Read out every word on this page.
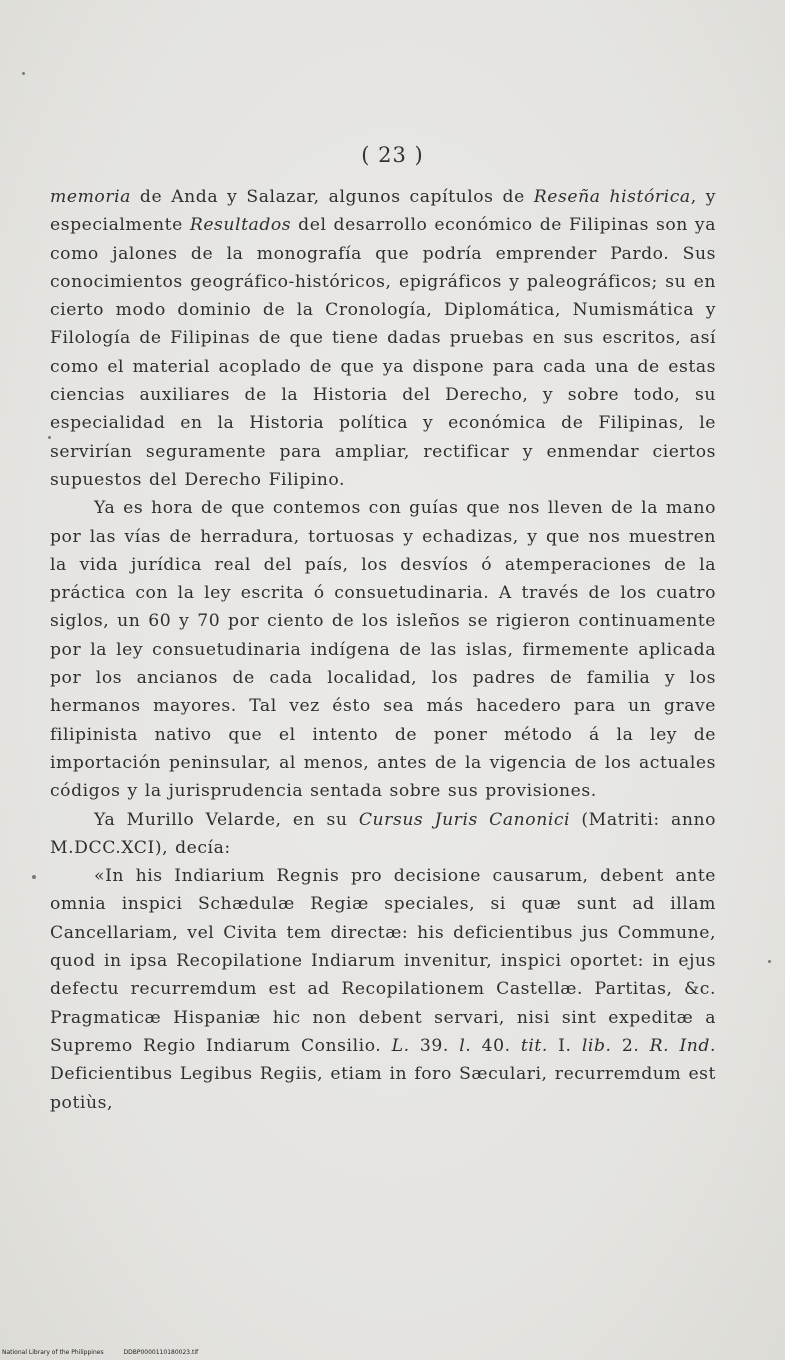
( 23 )

memoria de Anda y Salazar, algunos capítulos de Reseña histórica, y especialmente Resultados del desarrollo económico de Filipinas son ya como jalones de la monografía que podría emprender Pardo. Sus conocimientos geográfico-históricos, epigráficos y paleográficos; su en cierto modo dominio de la Cronología, Diplomática, Numismática y Filología de Filipinas de que tiene dadas pruebas en sus escritos, así como el material acoplado de que ya dispone para cada una de estas ciencias auxiliares de la Historia del Derecho, y sobre todo, su especialidad en la Historia política y económica de Filipinas, le servirían seguramente para ampliar, rectificar y enmendar ciertos supuestos del Derecho Filipino.

Ya es hora de que contemos con guías que nos lleven de la mano por las vías de herradura, tortuosas y echadizas, y que nos muestren la vida jurídica real del país, los desvíos ó atemperaciones de la práctica con la ley escrita ó consuetudinaria. A través de los cuatro siglos, un 60 y 70 por ciento de los isleños se rigieron continuamente por la ley consuetudinaria indígena de las islas, firmemente aplicada por los ancianos de cada localidad, los padres de familia y los hermanos mayores. Tal vez ésto sea más hacedero para un grave filipinista nativo que el intento de poner método á la ley de importación peninsular, al menos, antes de la vigencia de los actuales códigos y la jurisprudencia sentada sobre sus provisiones.

Ya Murillo Velarde, en su Cursus Juris Canonici (Matriti: anno M.DCC.XCI), decía:

«In his Indiarium Regnis pro decisione causarum, debent ante omnia inspici Schædulæ Regiæ speciales, si quæ sunt ad illam Cancellariam, vel Civita tem directæ: his deficientibus jus Commune, quod in ipsa Recopilatione Indiarum invenitur, inspici oportet: in ejus defectu recurremdum est ad Recopilationem Castellæ. Partitas, &c. Pragmaticæ Hispaniæ hic non debent servari, nisi sint expeditæ a Supremo Regio Indiarum Consilio. L. 39. l. 40. tit. I. lib. 2. R. Ind. Deficientibus Legibus Regiis, etiam in foro Sæculari, recurremdum est potiùs,

National Library of the Philippines	DDBP0000110180023.tif
